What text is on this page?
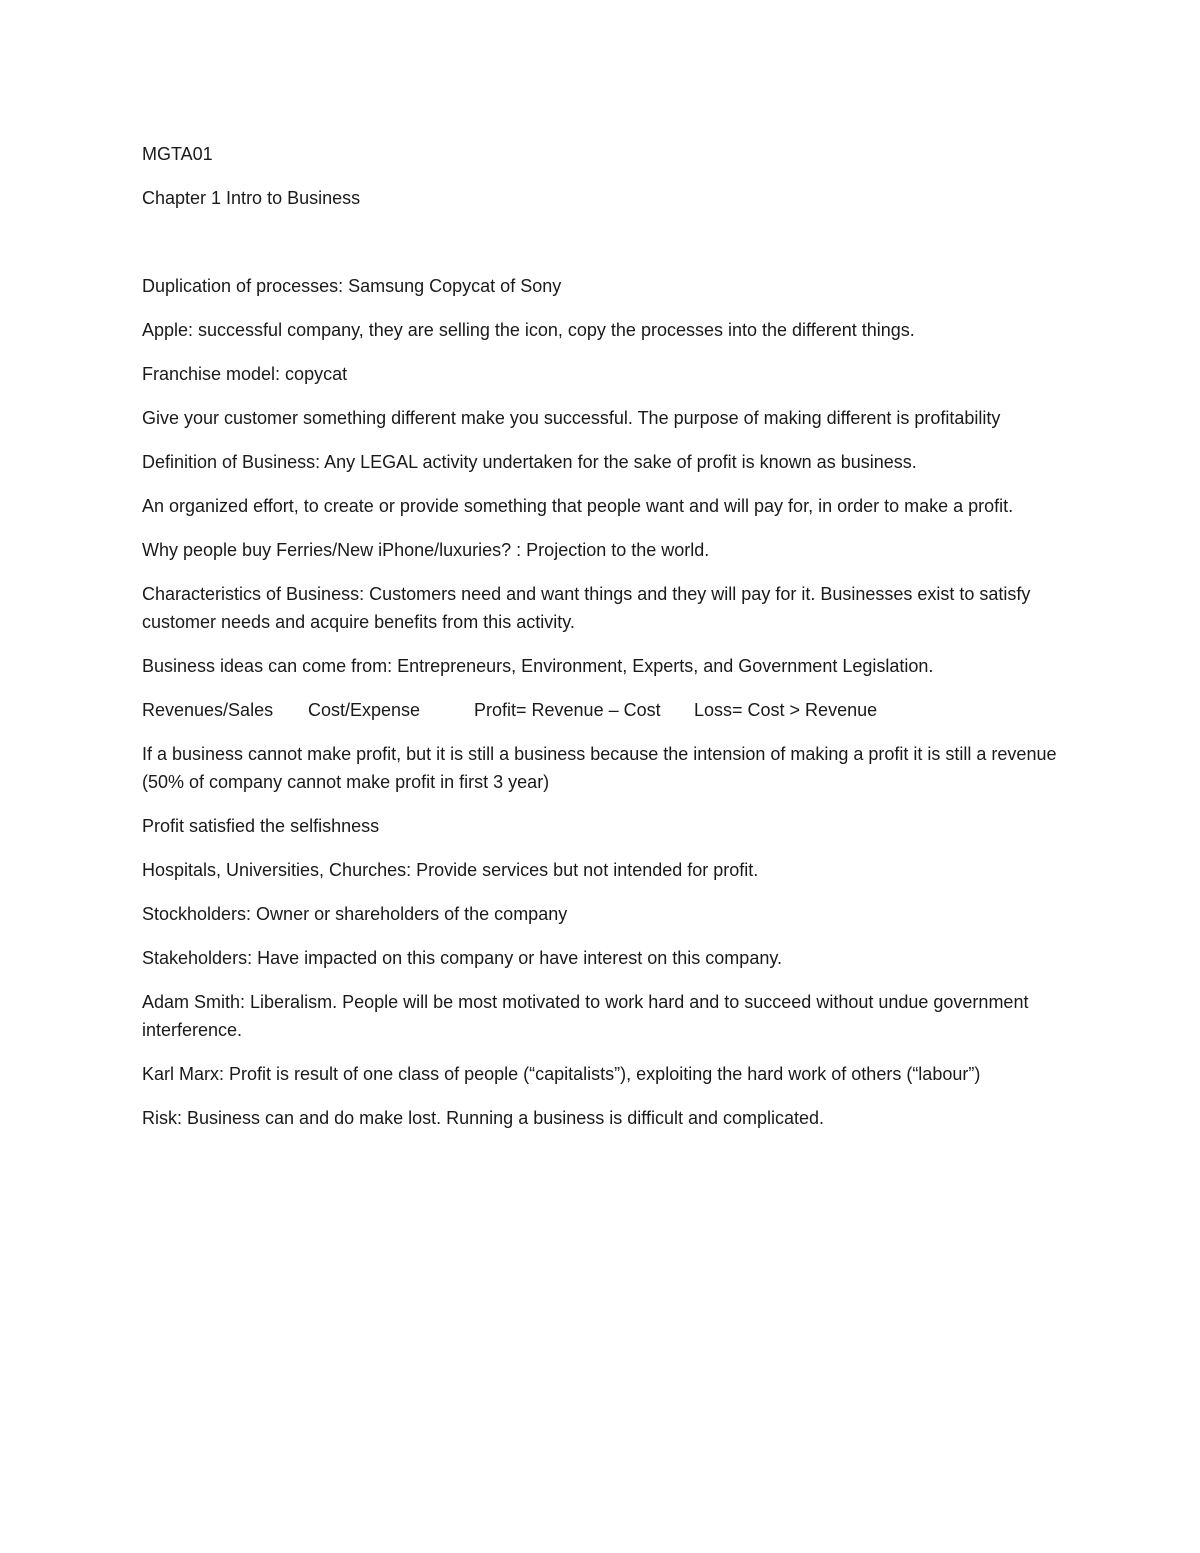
MGTA01

Chapter 1 Intro to Business

Duplication of processes: Samsung Copycat of Sony

Apple: successful company, they are selling the icon, copy the processes into the different things.

Franchise model: copycat

Give your customer something different make you successful. The purpose of making different is profitability

Definition of Business: Any LEGAL activity undertaken for the sake of profit is known as business.

An organized effort, to create or provide something that people want and will pay for, in order to make a profit.

Why people buy Ferries/New iPhone/luxuries? : Projection to the world.

Characteristics of Business: Customers need and want things and they will pay for it. Businesses exist to satisfy customer needs and acquire benefits from this activity.

Business ideas can come from: Entrepreneurs, Environment, Experts, and Government Legislation.

Revenues/Sales	Cost/Expense	Profit= Revenue – Cost	Loss= Cost > Revenue

If a business cannot make profit, but it is still a business because the intension of making a profit it is still a revenue (50% of company cannot make profit in first 3 year)

Profit satisfied the selfishness

Hospitals, Universities, Churches: Provide services but not intended for profit.

Stockholders: Owner or shareholders of the company

Stakeholders: Have impacted on this company or have interest on this company.

Adam Smith: Liberalism. People will be most motivated to work hard and to succeed without undue government interference.

Karl Marx: Profit is result of one class of people (“capitalists”), exploiting the hard work of others (“labour”)

Risk: Business can and do make lost. Running a business is difficult and complicated.
